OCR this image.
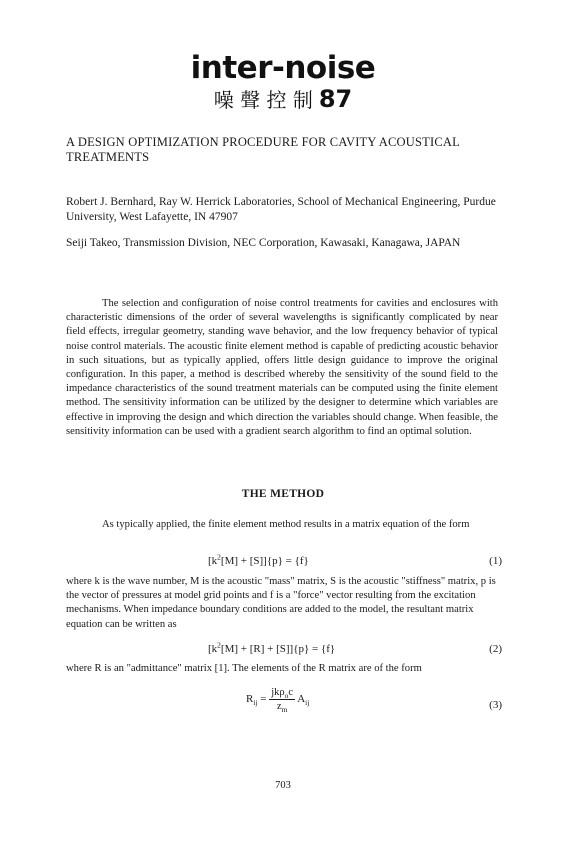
inter-noise
噪 聲 控 制 87
A DESIGN OPTIMIZATION PROCEDURE FOR CAVITY ACOUSTICAL TREATMENTS
Robert J. Bernhard, Ray W. Herrick Laboratories, School of Mechanical Engineering, Purdue University, West Lafayette, IN 47907
Seiji Takeo, Transmission Division, NEC Corporation, Kawasaki, Kanagawa, JAPAN

The selection and configuration of noise control treatments for cavities and enclosures with characteristic dimensions of the order of several wavelengths is significantly complicated by near field effects, irregular geometry, standing wave behavior, and the low frequency behavior of typical noise control materials. The acoustic finite element method is capable of predicting acoustic behavior in such situations, but as typically applied, offers little design guidance to improve the original configuration. In this paper, a method is described whereby the sensitivity of the sound field to the impedance characteristics of the sound treatment materials can be computed using the finite element method. The sensitivity information can be utilized by the designer to determine which variables are effective in improving the design and which direction the variables should change. When feasible, the sensitivity information can be used with a gradient search algorithm to find an optimal solution.

THE METHOD

As typically applied, the finite element method results in a matrix equation of the form

$[k^2[M] + [S]]\{p\} = \{f\}$	(1)

where k is the wave number, M is the acoustic "mass" matrix, S is the acoustic "stiffness" matrix, p is the vector of pressures at model grid points and f is a "force" vector resulting from the excitation mechanisms. When impedance boundary conditions are added to the model, the resultant matrix equation can be written as

$[k^2[M] + [R] + [S]]\{p\} = \{f\}$	(2)

where R is an "admittance" matrix [1]. The elements of the R matrix are of the form

$R_{ij} = \frac{jk\rho_oc}{z_m} A_{ij}$	(3)
703
